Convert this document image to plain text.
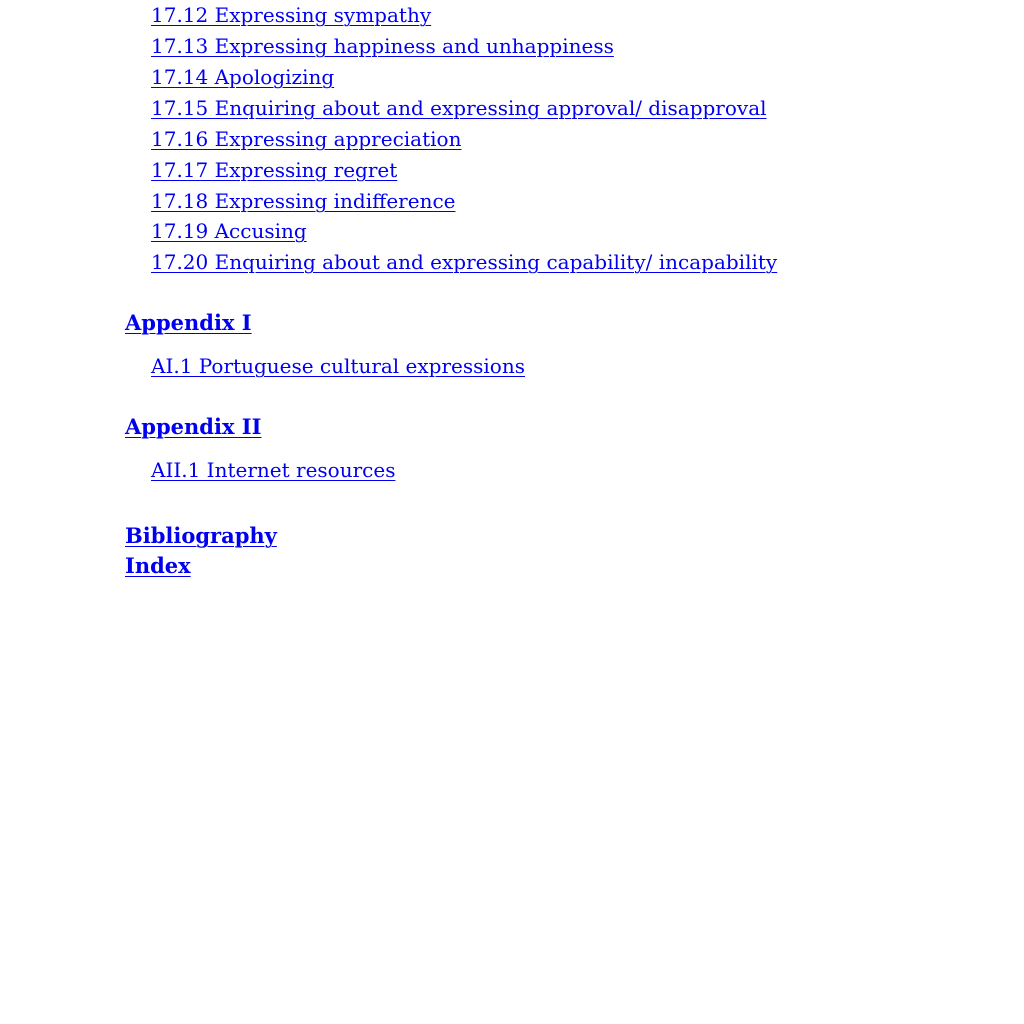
17.12 Expressing sympathy
17.13 Expressing happiness and unhappiness
17.14 Apologizing
17.15 Enquiring about and expressing approval/ disapproval
17.16 Expressing appreciation
17.17 Expressing regret
17.18 Expressing indifference
17.19 Accusing
17.20 Enquiring about and expressing capability/ incapability
Appendix I
AI.1 Portuguese cultural expressions
Appendix II
AII.1 Internet resources
Bibliography
Index
